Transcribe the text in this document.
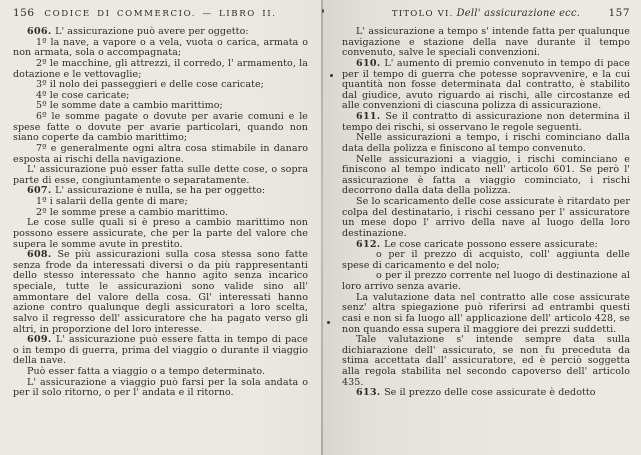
156	CODICE DI COMMERCIO. — LIBRO II.

606. L' assicurazione può avere per oggetto:

1º la nave, a vapore o a vela, vuota o carica, armata o non armata, sola o accompagnata;

2º le macchine, gli attrezzi, il corredo, l' armamento, la dotazione e le vettovaglie;

3º il nolo dei passeggieri e delle cose caricate;

4º le cose caricate;

5º le somme date a cambio marittimo;

6º le somme pagate o dovute per avarie comuni e le spese fatte o dovute per avarie particolari, quando non siano coperte da cambio marittimo;

7º e generalmente ogni altra cosa stimabile in danaro esposta ai rischi della navigazione.

L' assicurazione può esser fatta sulle dette cose, o sopra parte di esse, congiuntamente o separatamente.

607. L' assicurazione è nulla, se ha per oggetto:

1º i salarii della gente di mare;

2º le somme prese a cambio marittimo.

Le cose sulle quali si è preso a cambio marittimo non possono essere assicurate, che per la parte del valore che supera le somme avute in prestito.

608. Se più assicurazioni sulla cosa stessa sono fatte senza frode da interessati diversi o da più rappresentanti dello stesso interessato che hanno agito senza incarico speciale, tutte le assicurazioni sono valide sino all' ammontare del valore della cosa. Gl' interessati hanno azione contro qualunque degli assicuratori a loro scelta, salvo il regresso dell' assicuratore che ha pagato verso gli altri, in proporzione del loro interesse.

609. L' assicurazione può essere fatta in tempo di pace o in tempo di guerra, prima del viaggio o durante il viaggio della nave.

Può esser fatta a viaggio o a tempo determinato.

L' assicurazione a viaggio può farsi per la sola andata o per il solo ritorno, o per l' andata e il ritorno.

TITOLO VI. Dell' assicurazione ecc.	157

L' assicurazione a tempo s' intende fatta per qualunque navigazione e stazione della nave durante il tempo convenuto, salve le speciali convenzioni.

610. L' aumento di premio convenuto in tempo di pace per il tempo di guerra che potesse sopravvenire, e la cui quantità non fosse determinata dal contratto, è stabilito dal giudice, avuto riguardo ai rischi, alle circostanze ed alle convenzioni di ciascuna polizza di assicurazione.

611. Se il contratto di assicurazione non determina il tempo dei rischi, si osservano le regole seguenti.

Nelle assicurazioni a tempo, i rischi cominciano dalla data della polizza e finiscono al tempo convenuto.

Nelle assicurazioni a viaggio, i rischi cominciano e finiscono al tempo indicato nell' articolo 601. Se però l' assicurazione è fatta a viaggio cominciato, i rischi decorrono dalla data della polizza.

Se lo scaricamento delle cose assicurate è ritardato per colpa del destinatario, i rischi cessano per l' assicuratore un mese dopo l' arrivo della nave al luogo della loro destinazione.

612. Le cose caricate possono essere assicurate:

o per il prezzo di acquisto, coll' aggiunta delle spese di caricamento e del nolo;

o per il prezzo corrente nel luogo di destinazione al loro arrivo senza avarie.

La valutazione data nel contratto alle cose assicurate senz' altra spiegazione può riferirsi ad entrambi questi casi e non si fa luogo all' applicazione dell' articolo 428, se non quando essa supera il maggiore dei prezzi suddetti.

Tale valutazione s' intende sempre data sulla dichiarazione dell' assicurato, se non fu preceduta da stima accettata dall' assicuratore, ed è perciò soggetta alla regola stabilita nel secondo capoverso dell' articolo 435.

613. Se il prezzo delle cose assicurate è dedotto
